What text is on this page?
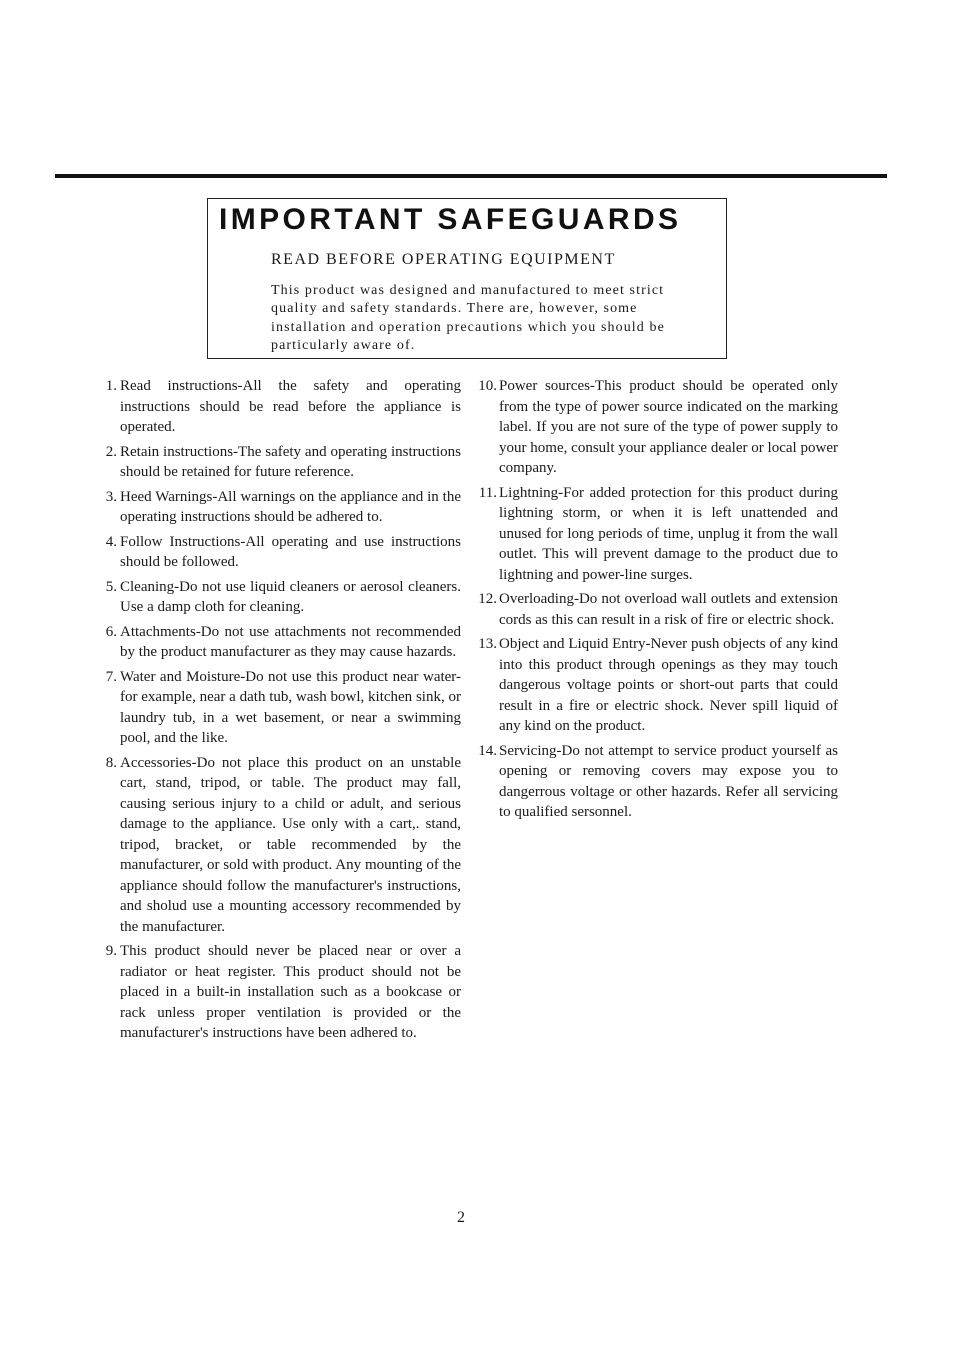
IMPORTANT SAFEGUARDS
READ BEFORE OPERATING EQUIPMENT

This product was designed and manufactured to meet strict quality and safety standards. There are, however, some installation and operation precautions which you should be particularly aware of.

1. Read instructions-All the safety and operating instructions should be read before the appliance is operated.
2. Retain instructions-The safety and operating instructions should be retained for future reference.
3. Heed Warnings-All warnings on the appliance and in the operating instructions should be adhered to.
4. Follow Instructions-All operating and use instructions should be followed.
5. Cleaning-Do not use liquid cleaners or aerosol cleaners. Use a damp cloth for cleaning.
6. Attachments-Do not use attachments not recommended by the product manufacturer as they may cause hazards.
7. Water and Moisture-Do not use this product near water-for example, near a dath tub, wash bowl, kitchen sink, or laundry tub, in a wet basement, or near a swimming pool, and the like.
8. Accessories-Do not place this product on an unstable cart, stand, tripod, or table. The product may fall, causing serious injury to a child or adult, and serious damage to the appliance. Use only with a cart,. stand, tripod, bracket, or table recommended by the manufacturer, or sold with product. Any mounting of the appliance should follow the manufacturer's instructions, and sholud use a mounting accessory recommended by the manufacturer.
9. This product should never be placed near or over a radiator or heat register. This product should not be placed in a built-in installation such as a bookcase or rack unless proper ventilation is provided or the manufacturer's instructions have been adhered to.
10. Power sources-This product should be operated only from the type of power source indicated on the marking label. If you are not sure of the type of power supply to your home, consult your appliance dealer or local power company.
11. Lightning-For added protection for this product during lightning storm, or when it is left unattended and unused for long periods of time, unplug it from the wall outlet. This will prevent damage to the product due to lightning and power-line surges.
12. Overloading-Do not overload wall outlets and extension cords as this can result in a risk of fire or electric shock.
13. Object and Liquid Entry-Never push objects of any kind into this product through openings as they may touch dangerous voltage points or short-out parts that could result in a fire or electric shock. Never spill liquid of any kind on the product.
14. Servicing-Do not attempt to service product yourself as opening or removing covers may expose you to dangerrous voltage or other hazards. Refer all servicing to qualified sersonnel.
2
